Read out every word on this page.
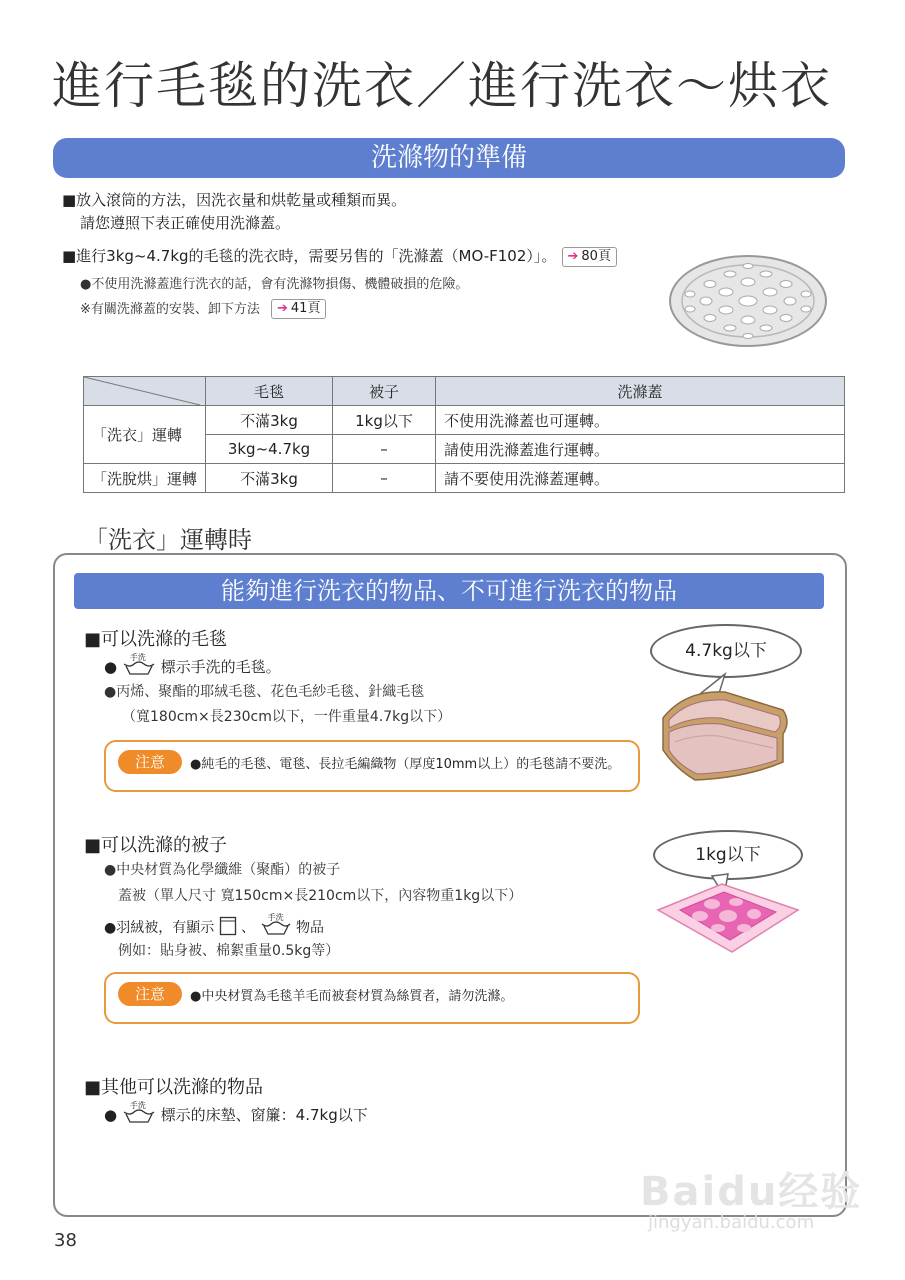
進行毛毯的洗衣／進行洗衣～烘衣
洗滌物的準備
■放入滾筒的方法，因洗衣量和烘乾量或種類而異。
請您遵照下表正確使用洗滌蓋。
■進行3kg~4.7kg的毛毯的洗衣時，需要另售的「洗滌蓋（MO-F102）」。 ➔ 80頁
●不使用洗滌蓋進行洗衣的話，會有洗滌物損傷、機體破損的危險。
※有關洗滌蓋的安裝、卸下方法 ➔ 41頁
	毛毯	被子	洗滌蓋
「洗衣」運轉	不滿3kg	1kg以下	不使用洗滌蓋也可運轉。
	3kg~4.7kg	–	請使用洗滌蓋進行運轉。
「洗脫烘」運轉	不滿3kg	–	請不要使用洗滌蓋運轉。
「洗衣」運轉時
能夠進行洗衣的物品、不可進行洗衣的物品
■可以洗滌的毛毯
●
手洗
標示手洗的毛毯。
●丙烯、聚酯的耶絨毛毯、花色毛紗毛毯、針織毛毯
（寬180cm×長230cm以下，一件重量4.7kg以下）
注意	●純毛的毛毯、電毯、長拉毛編織物（厚度10mm以上）的毛毯請不要洗。
4.7kg以下
■可以洗滌的被子
●中央材質為化學纖維（聚酯）的被子
蓋被（單人尺寸 寬150cm×長210cm以下，內容物重1kg以下）
●羽絨被，有顯示 、
手洗
物品
例如：貼身被、棉絮重量0.5kg等）
注意	●中央材質為毛毯羊毛而被套材質為絲質者，請勿洗滌。
1kg以下
■其他可以洗滌的物品
●
手洗
標示的床墊、窗簾：4.7kg以下
Baidu经验
jingyan.baidu.com
38
